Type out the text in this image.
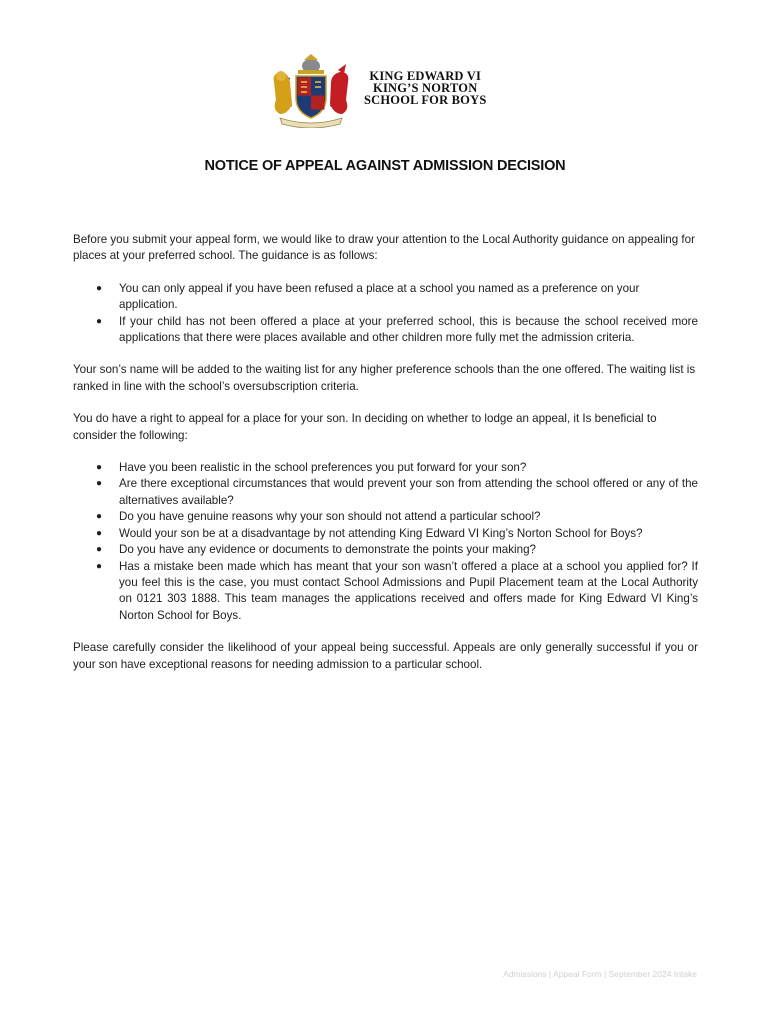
KING EDWARD VI
KING’S NORTON
SCHOOL FOR BOYS
NOTICE OF APPEAL AGAINST ADMISSION DECISION

Before you submit your appeal form, we would like to draw your attention to the Local Authority guidance on appealing for places at your preferred school. The guidance is as follows:

● You can only appeal if you have been refused a place at a school you named as a preference on your application.
● If your child has not been offered a place at your preferred school, this is because the school received more applications that there were places available and other children more fully met the admission criteria.

Your son’s name will be added to the waiting list for any higher preference schools than the one offered. The waiting list is ranked in line with the school’s oversubscription criteria.

You do have a right to appeal for a place for your son. In deciding on whether to lodge an appeal, it Is beneficial to consider the following:

● Have you been realistic in the school preferences you put forward for your son?
● Are there exceptional circumstances that would prevent your son from attending the school offered or any of the alternatives available?
● Do you have genuine reasons why your son should not attend a particular school?
● Would your son be at a disadvantage by not attending King Edward VI King’s Norton School for Boys?
● Do you have any evidence or documents to demonstrate the points your making?
● Has a mistake been made which has meant that your son wasn’t offered a place at a school you applied for? If you feel this is the case, you must contact School Admissions and Pupil Placement team at the Local Authority on 0121 303 1888. This team manages the applications received and offers made for King Edward VI King’s Norton School for Boys.

Please carefully consider the likelihood of your appeal being successful. Appeals are only generally successful if you or your son have exceptional reasons for needing admission to a particular school.

Admissions | Appeal Form | September 2024 Intake
